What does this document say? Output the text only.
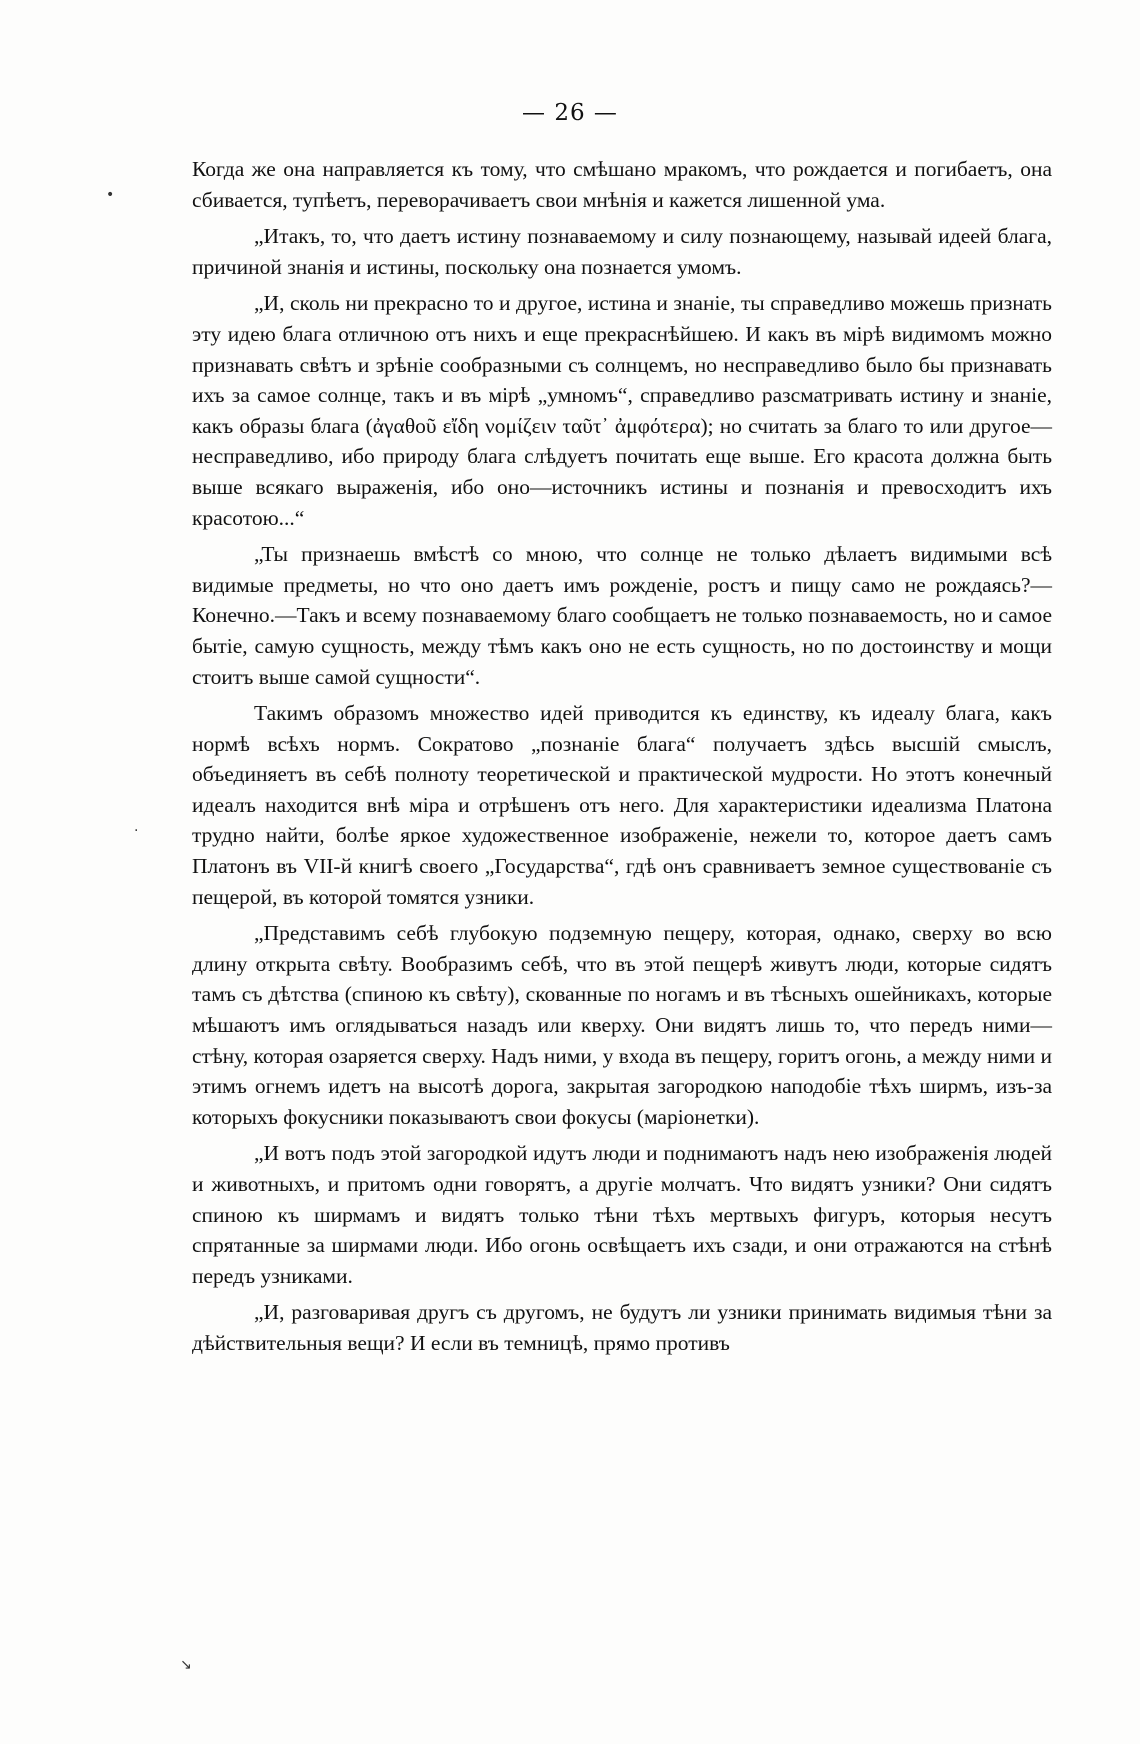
— 26 —

Когда же она направляется къ тому, что смѣшано мракомъ, что рождается и погибаетъ, она сбивается, тупѣетъ, переворачиваетъ свои мнѣнія и кажется лишенной ума.

„Итакъ, то, что даетъ истину познаваемому и силу познающему, называй идеей блага, причиной знанія и истины, поскольку она познается умомъ.

„И, сколь ни прекрасно то и другое, истина и знаніе, ты справедливо можешь признать эту идею блага отличною отъ нихъ и еще прекраснѣйшею. И какъ въ мірѣ видимомъ можно признавать свѣтъ и зрѣніе сообразными съ солнцемъ, но несправедливо было бы признавать ихъ за самое солнце, такъ и въ мірѣ „умномъ“, справедливо разсматривать истину и знаніе, какъ образы блага (ἀγαθοῦ εἴδη νομίζειν ταῦτ᾽ ἀμφότερα); но считать за благо то или другое—несправедливо, ибо природу блага слѣдуетъ почитать еще выше. Его красота должна быть выше всякаго выраженія, ибо оно—источникъ истины и познанія и превосходитъ ихъ красотою...“

„Ты признаешь вмѣстѣ со мною, что солнце не только дѣлаетъ видимыми всѣ видимые предметы, но что оно даетъ имъ рожденіе, ростъ и пищу само не рождаясь?—Конечно.—Такъ и всему познаваемому благо сообщаетъ не только познаваемость, но и самое бытіе, самую сущность, между тѣмъ какъ оно не есть сущность, но по достоинству и мощи стоитъ выше самой сущности“.

Такимъ образомъ множество идей приводится къ единству, къ идеалу блага, какъ нормѣ всѣхъ нормъ. Сократово „познаніе блага“ получаетъ здѣсь высшій смыслъ, объединяетъ въ себѣ полноту теоретической и практической мудрости. Но этотъ конечный идеалъ находится внѣ міра и отрѣшенъ отъ него. Для характеристики идеализма Платона трудно найти, болѣе яркое художественное изображеніе, нежели то, которое даетъ самъ Платонъ въ VII-й книгѣ своего „Государства“, гдѣ онъ сравниваетъ земное существованіе съ пещерой, въ которой томятся узники.

„Представимъ себѣ глубокую подземную пещеру, которая, однако, сверху во всю длину открыта свѣту. Вообразимъ себѣ, что въ этой пещерѣ живутъ люди, которые сидятъ тамъ съ дѣтства (спиною къ свѣту), скованные по ногамъ и въ тѣсныхъ ошейникахъ, которые мѣшаютъ имъ оглядываться назадъ или кверху. Они видятъ лишь то, что передъ ними—стѣну, которая озаряется сверху. Надъ ними, у входа въ пещеру, горитъ огонь, а между ними и этимъ огнемъ идетъ на высотѣ дорога, закрытая загородкою наподобіе тѣхъ ширмъ, изъ-за которыхъ фокусники показываютъ свои фокусы (маріонетки).

„И вотъ подъ этой загородкой идутъ люди и поднимаютъ надъ нею изображенія людей и животныхъ, и притомъ одни говорятъ, а другіе молчатъ. Что видятъ узники? Они сидятъ спиною къ ширмамъ и видятъ только тѣни тѣхъ мертвыхъ фигуръ, которыя несутъ спрятанные за ширмами люди. Ибо огонь освѣщаетъ ихъ сзади, и они отражаются на стѣнѣ передъ узниками.

„И, разговаривая другъ съ другомъ, не будутъ ли узники принимать видимыя тѣни за дѣйствительныя вещи? И если въ темницѣ, прямо противъ

•
·
↘
